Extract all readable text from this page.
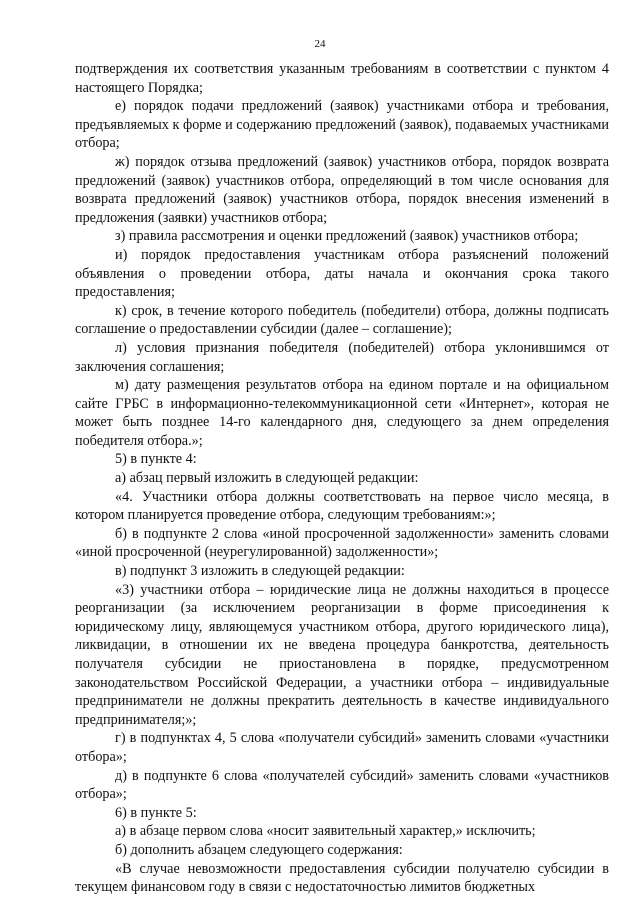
24

подтверждения их соответствия указанным требованиям в соответствии с пунктом 4 настоящего Порядка;

е) порядок подачи предложений (заявок) участниками отбора и требования, предъявляемых к форме и содержанию предложений (заявок), подаваемых участниками отбора;

ж) порядок отзыва предложений (заявок) участников отбора, порядок возврата предложений (заявок) участников отбора, определяющий в том числе основания для возврата предложений (заявок) участников отбора, порядок внесения изменений в предложения (заявки) участников отбора;

з) правила рассмотрения и оценки предложений (заявок) участников отбора;

и) порядок предоставления участникам отбора разъяснений положений объявления о проведении отбора, даты начала и окончания срока такого предоставления;

к) срок, в течение которого победитель (победители) отбора, должны подписать соглашение о предоставлении субсидии (далее – соглашение);

л) условия признания победителя (победителей) отбора уклонившимся от заключения соглашения;

м) дату размещения результатов отбора на едином портале и на официальном сайте ГРБС в информационно-телекоммуникационной сети «Интернет», которая не может быть позднее 14-го календарного дня, следующего за днем определения победителя отбора.»;

5) в пункте 4:

а) абзац первый изложить в следующей редакции:

«4. Участники отбора должны соответствовать на первое число месяца, в котором планируется проведение отбора, следующим требованиям:»;

б) в подпункте 2 слова «иной просроченной задолженности» заменить словами «иной просроченной (неурегулированной) задолженности»;

в) подпункт 3 изложить в следующей редакции:

«3) участники отбора – юридические лица не должны находиться в процессе реорганизации (за исключением реорганизации в форме присоединения к юридическому лицу, являющемуся участником отбора, другого юридического лица), ликвидации, в отношении их не введена процедура банкротства, деятельность получателя субсидии не приостановлена в порядке, предусмотренном законодательством Российской Федерации, а участники отбора – индивидуальные предприниматели не должны прекратить деятельность в качестве индивидуального предпринимателя;»;

г) в подпунктах 4, 5 слова «получатели субсидий» заменить словами «участники отбора»;

д) в подпункте 6 слова «получателей субсидий» заменить словами «участников отбора»;

6) в пункте 5:

а) в абзаце первом слова «носит заявительный характер,» исключить;

б) дополнить абзацем следующего содержания:

«В случае невозможности предоставления субсидии получателю субсидии в текущем финансовом году в связи с недостаточностью лимитов бюджетных
